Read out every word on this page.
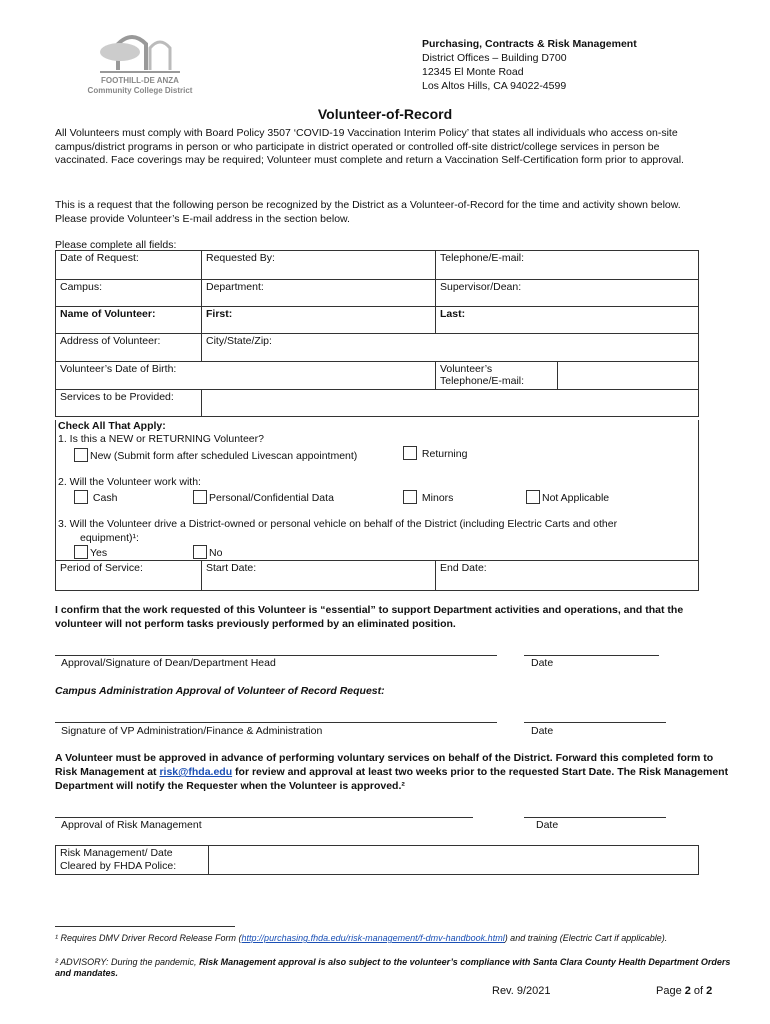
FOOTHILL-DE ANZA
Community College District
Purchasing, Contracts & Risk Management
District Offices – Building D700
12345 El Monte Road
Los Altos Hills, CA 94022-4599
Volunteer-of-Record
All Volunteers must comply with Board Policy 3507 ‘COVID-19 Vaccination Interim Policy’ that states all individuals who access on-site campus/district programs in person or who participate in district operated or controlled off-site district/college services in person be vaccinated. Face coverings may be required; Volunteer must complete and return a Vaccination Self-Certification form prior to approval.
This is a request that the following person be recognized by the District as a Volunteer-of-Record for the time and activity shown below. Please provide Volunteer’s E-mail address in the section below.
Please complete all fields:
Date of Request:	Requested By:	Telephone/E-mail:	
Campus:	Department:	Supervisor/Dean:	
Name of Volunteer:	First:	Last:	
Address of Volunteer:	City/State/Zip:		
Volunteer’s Date of Birth:		Volunteer’s Telephone/E-mail:	
Services to be Provided:			
Check All That Apply:
1. Is this a NEW or RETURNING Volunteer?
New (Submit form after scheduled Livescan appointment)	Returning
2. Will the Volunteer work with:
Cash	Personal/Confidential Data	Minors	Not Applicable
3. Will the Volunteer drive a District-owned or personal vehicle on behalf of the District (including Electric Carts and other
equipment)¹:
Yes	No
Period of Service:	Start Date:	End Date:
I confirm that the work requested of this Volunteer is “essential” to support Department activities and operations, and that the volunteer will not perform tasks previously performed by an eliminated position.
Approval/Signature of Dean/Department Head	Date
Campus Administration Approval of Volunteer of Record Request:
Signature of VP Administration/Finance & Administration	Date
A Volunteer must be approved in advance of performing voluntary services on behalf of the District. Forward this completed form to Risk Management at risk@fhda.edu for review and approval at least two weeks prior to the requested Start Date. The Risk Management Department will notify the Requester when the Volunteer is approved.²
Approval of Risk Management	Date
Risk Management/ Date Cleared by FHDA Police:	
¹ Requires DMV Driver Record Release Form (http://purchasing.fhda.edu/risk-management/f-dmv-handbook.html) and training (Electric Cart if applicable).
² ADVISORY: During the pandemic, Risk Management approval is also subject to the volunteer’s compliance with Santa Clara County Health Department Orders and mandates.
Rev. 9/2021	Page 2 of 2
